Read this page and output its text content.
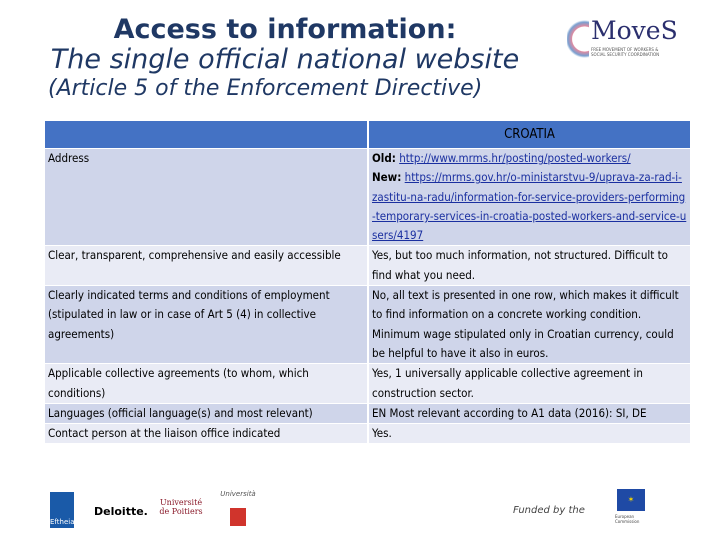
Access to information:
The single official national website
(Article 5 of the Enforcement Directive)
MoveS
FREE MOVEMENT OF WORKERS & SOCIAL SECURITY COORDINATION
	CROATIA
Address	Old: http://www.mrms.hr/posting/posted-workers/
New: https://mrms.gov.hr/o-ministarstvu-9/uprava-za-rad-i-zastitu-na-radu/information-for-service-providers-performing-temporary-services-in-croatia-posted-workers-and-service-users/4197
Clear, transparent, comprehensive and easily accessible	Yes, but too much information, not structured. Difficult to find what you need.
Clearly indicated terms and conditions of employment (stipulated in law or in case of Art 5 (4) in collective agreements)	No, all text is presented in one row, which makes it difficult to find information on a concrete working condition. Minimum wage stipulated only in Croatian currency, could be helpful to have it also in euros.
Applicable collective agreements (to whom, which conditions)	Yes, 1 universally applicable collective agreement in construction sector.
Languages (official language(s) and most relevant)	EN Most relevant according to A1 data (2016): SI, DE
Contact person at the liaison office indicated	Yes.
Eftheia
Deloitte.
Université de Poitiers
Università
Funded by the
✶
European Commission
